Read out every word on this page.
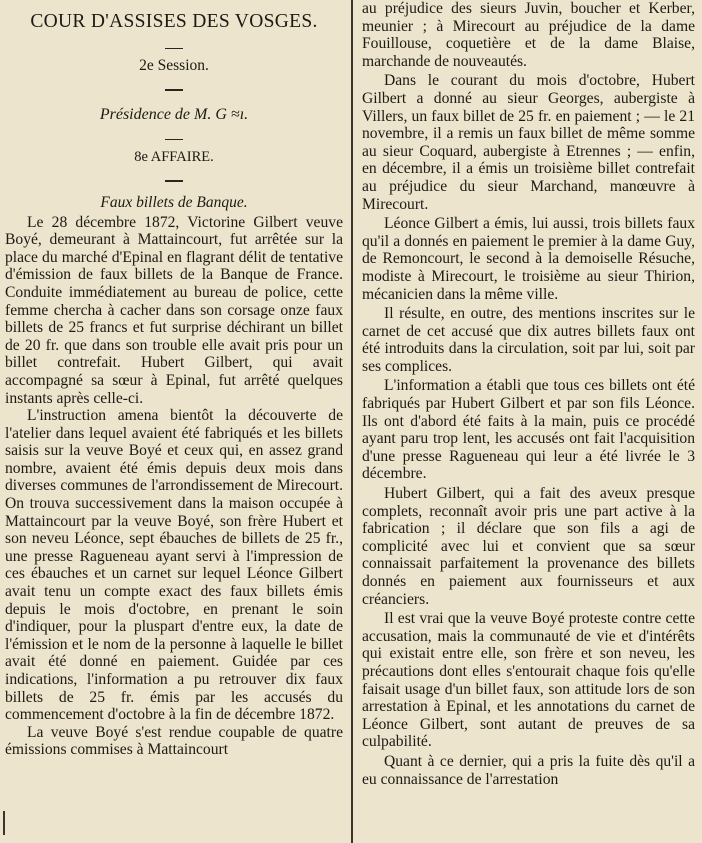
COUR D'ASSISES DES VOSGES.
2e Session.
Présidence de M. G ≈ı.
8e AFFAIRE.
Faux billets de Banque.

Le 28 décembre 1872, Victorine Gilbert veuve Boyé, demeurant à Mattaincourt, fut arrêtée sur la place du marché d'Epinal en flagrant délit de tentative d'émission de faux billets de la Banque de France. Conduite immédiatement au bureau de police, cette femme chercha à cacher dans son corsage onze faux billets de 25 francs et fut surprise déchirant un billet de 20 fr. que dans son trouble elle avait pris pour un billet contrefait. Hubert Gilbert, qui avait accompagné sa sœur à Epinal, fut arrêté quelques instants après celle-ci.

L'instruction amena bientôt la découverte de l'atelier dans lequel avaient été fabriqués et les billets saisis sur la veuve Boyé et ceux qui, en assez grand nombre, avaient été émis depuis deux mois dans diverses communes de l'arrondissement de Mirecourt. On trouva successivement dans la maison occupée à Mattaincourt par la veuve Boyé, son frère Hubert et son neveu Léonce, sept ébauches de billets de 25 fr., une presse Ragueneau ayant servi à l'impression de ces ébauches et un carnet sur lequel Léonce Gilbert avait tenu un compte exact des faux billets émis depuis le mois d'octobre, en prenant le soin d'indiquer, pour la pluspart d'entre eux, la date de l'émission et le nom de la personne à laquelle le billet avait été donné en paiement. Guidée par ces indications, l'information a pu retrouver dix faux billets de 25 fr. émis par les accusés du commencement d'octobre à la fin de décembre 1872.

La veuve Boyé s'est rendue coupable de quatre émissions commises à Mattaincourt

au préjudice des sieurs Juvin, boucher et Kerber, meunier ; à Mirecourt au préjudice de la dame Fouillouse, coquetière et de la dame Blaise, marchande de nouveautés.

Dans le courant du mois d'octobre, Hubert Gilbert a donné au sieur Georges, aubergiste à Villers, un faux billet de 25 fr. en paiement ; — le 21 novembre, il a remis un faux billet de même somme au sieur Coquard, aubergiste à Etrennes ; — enfin, en décembre, il a émis un troisième billet contrefait au préjudice du sieur Marchand, manœuvre à Mirecourt.

Léonce Gilbert a émis, lui aussi, trois billets faux qu'il a donnés en paiement le premier à la dame Guy, de Remoncourt, le second à la demoiselle Résuche, modiste à Mirecourt, le troisième au sieur Thirion, mécanicien dans la même ville.

Il résulte, en outre, des mentions inscrites sur le carnet de cet accusé que dix autres billets faux ont été introduits dans la circulation, soit par lui, soit par ses complices.

L'information a établi que tous ces billets ont été fabriqués par Hubert Gilbert et par son fils Léonce. Ils ont d'abord été faits à la main, puis ce procédé ayant paru trop lent, les accusés ont fait l'acquisition d'une presse Ragueneau qui leur a été livrée le 3 décembre.

Hubert Gilbert, qui a fait des aveux presque complets, reconnaît avoir pris une part active à la fabrication ; il déclare que son fils a agi de complicité avec lui et convient que sa sœur connaissait parfaitement la provenance des billets donnés en paiement aux fournisseurs et aux créanciers.

Il est vrai que la veuve Boyé proteste contre cette accusation, mais la communauté de vie et d'intérêts qui existait entre elle, son frère et son neveu, les précautions dont elles s'entourait chaque fois qu'elle faisait usage d'un billet faux, son attitude lors de son arrestation à Epinal, et les annotations du carnet de Léonce Gilbert, sont autant de preuves de sa culpabilité.

Quant à ce dernier, qui a pris la fuite dès qu'il a eu connaissance de l'arrestation
